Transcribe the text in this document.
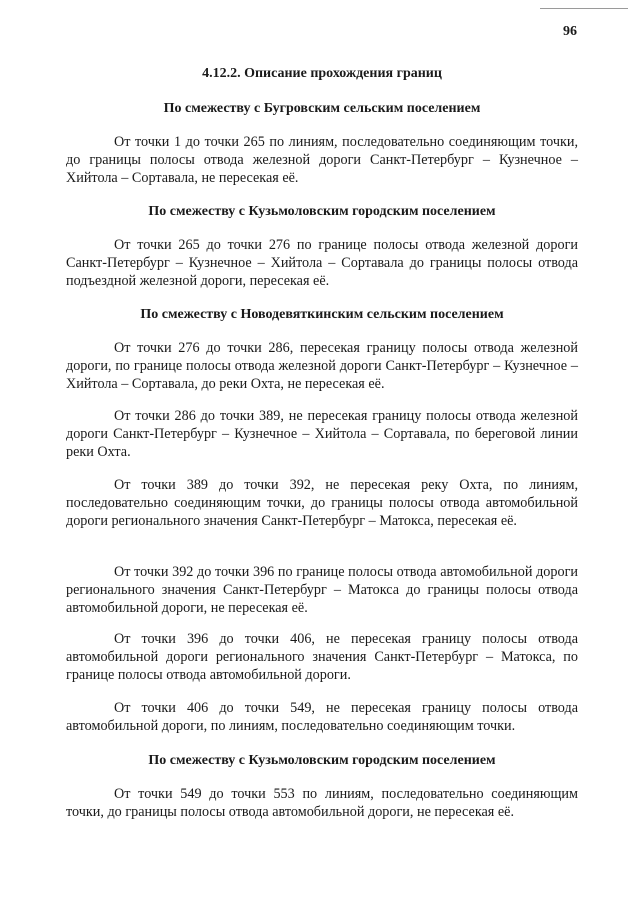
96
4.12.2. Описание прохождения границ
По смежеству с Бугровским сельским поселением

От точки 1 до точки 265 по линиям, последовательно соединяющим точки, до границы полосы отвода железной дороги Санкт-Петербург – Кузнечное – Хийтола – Сортавала, не пересекая её.

По смежеству с Кузьмоловским городским поселением

От точки 265 до точки 276 по границе полосы отвода железной дороги Санкт-Петербург – Кузнечное – Хийтола – Сортавала до границы полосы отвода подъездной железной дороги, пересекая её.

По смежеству с Новодевяткинским сельским поселением

От точки 276 до точки 286, пересекая границу полосы отвода железной дороги, по границе полосы отвода железной дороги Санкт-Петербург – Кузнечное – Хийтола – Сортавала, до реки Охта, не пересекая её.

От точки 286 до точки 389, не пересекая границу полосы отвода железной дороги Санкт-Петербург – Кузнечное – Хийтола – Сортавала, по береговой линии реки Охта.

От точки 389 до точки 392, не пересекая реку Охта, по линиям, последовательно соединяющим точки, до границы полосы отвода автомобильной дороги регионального значения Санкт-Петербург – Матокса, пересекая её.

От точки 392 до точки 396 по границе полосы отвода автомобильной дороги регионального значения Санкт-Петербург – Матокса до границы полосы отвода автомобильной дороги, не пересекая её.

От точки 396 до точки 406, не пересекая границу полосы отвода автомобильной дороги регионального значения Санкт-Петербург – Матокса, по границе полосы отвода автомобильной дороги.

От точки 406 до точки 549, не пересекая границу полосы отвода автомобильной дороги, по линиям, последовательно соединяющим точки.

По смежеству с Кузьмоловским городским поселением

От точки 549 до точки 553 по линиям, последовательно соединяющим точки, до границы полосы отвода автомобильной дороги, не пересекая её.
